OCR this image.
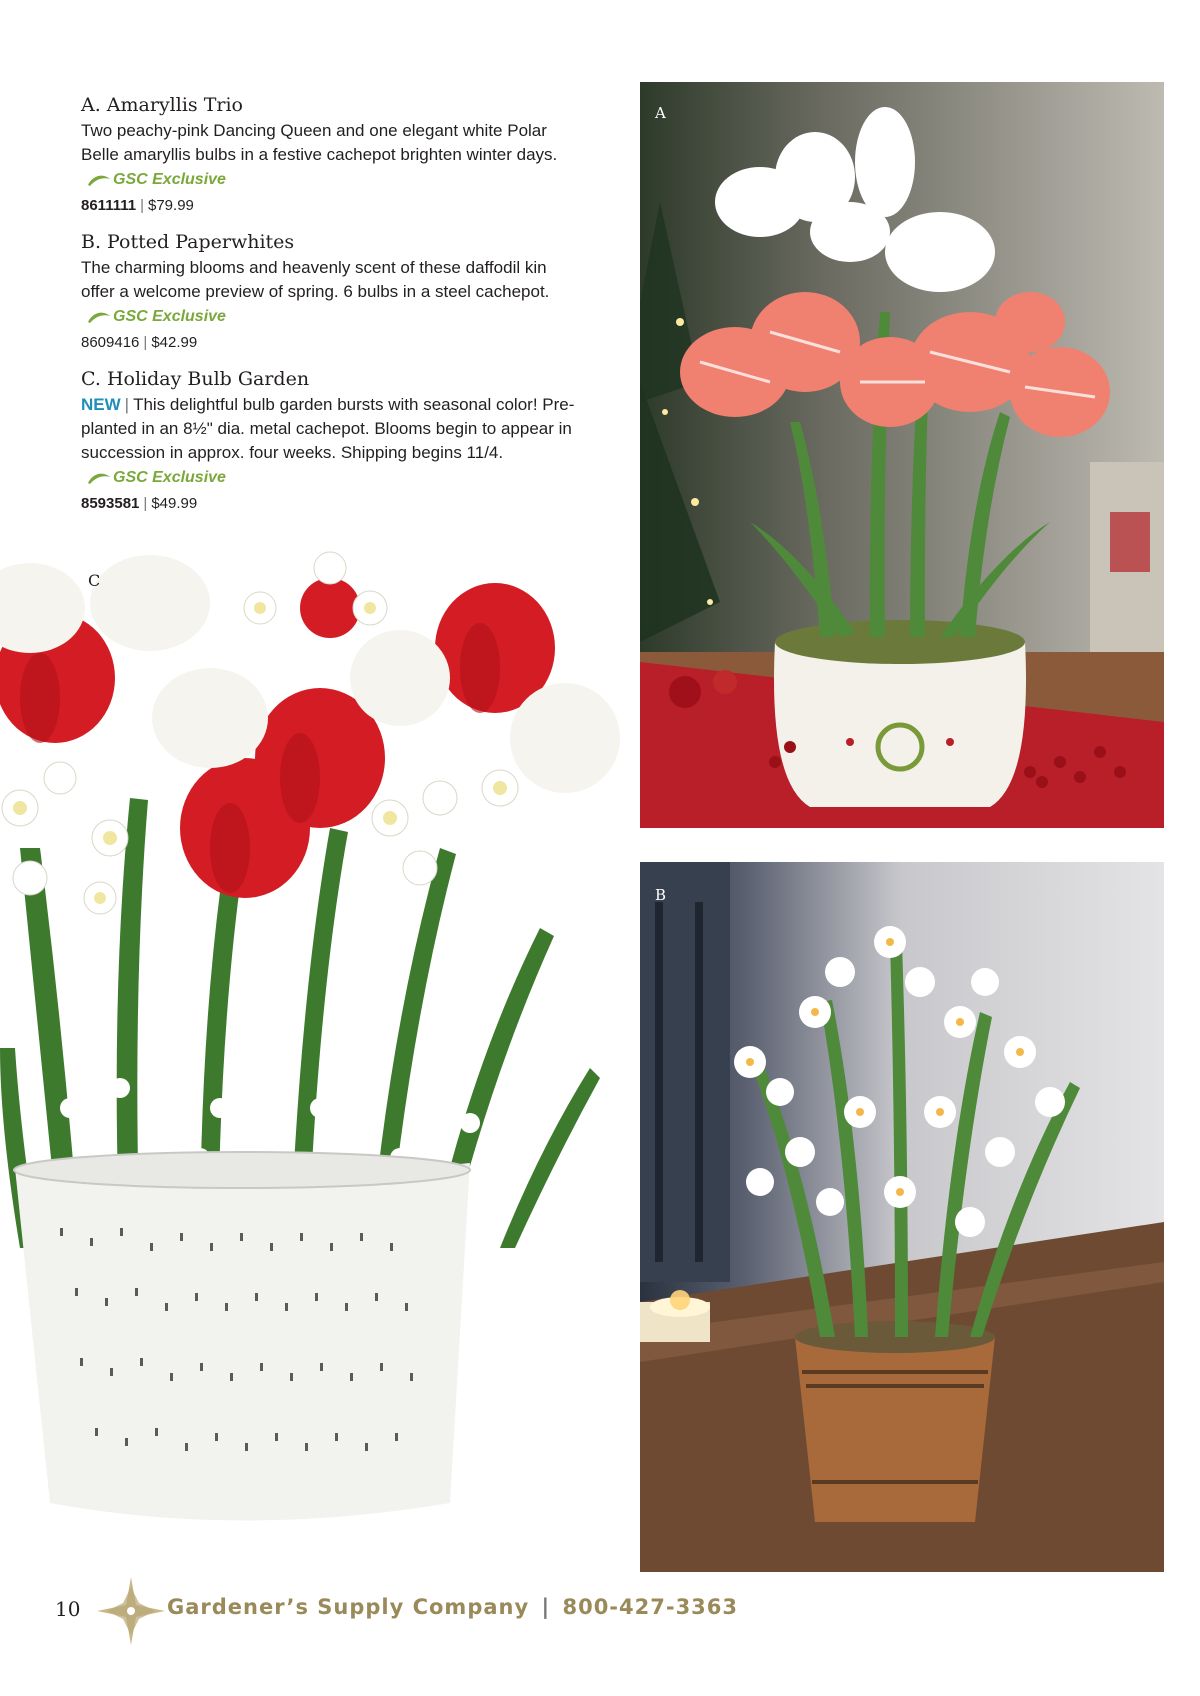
A. Amaryllis Trio
Two peachy-pink Dancing Queen and one elegant white Polar Belle amaryllis bulbs in a festive cachepot brighten winter days.
GSC Exclusive
8611111 | $79.99
B. Potted Paperwhites
The charming blooms and heavenly scent of these daffodil kin offer a welcome preview of spring. 6 bulbs in a steel cachepot.
GSC Exclusive
8609416 | $42.99
C. Holiday Bulb Garden
NEW | This delightful bulb garden bursts with seasonal color! Pre-planted in an 8½" dia. metal cachepot. Blooms begin to appear in succession in approx. four weeks. Shipping begins 11/4.
GSC Exclusive
8593581 | $49.99
A
B
C
10	Gardener’s Supply Company | 800-427-3363
